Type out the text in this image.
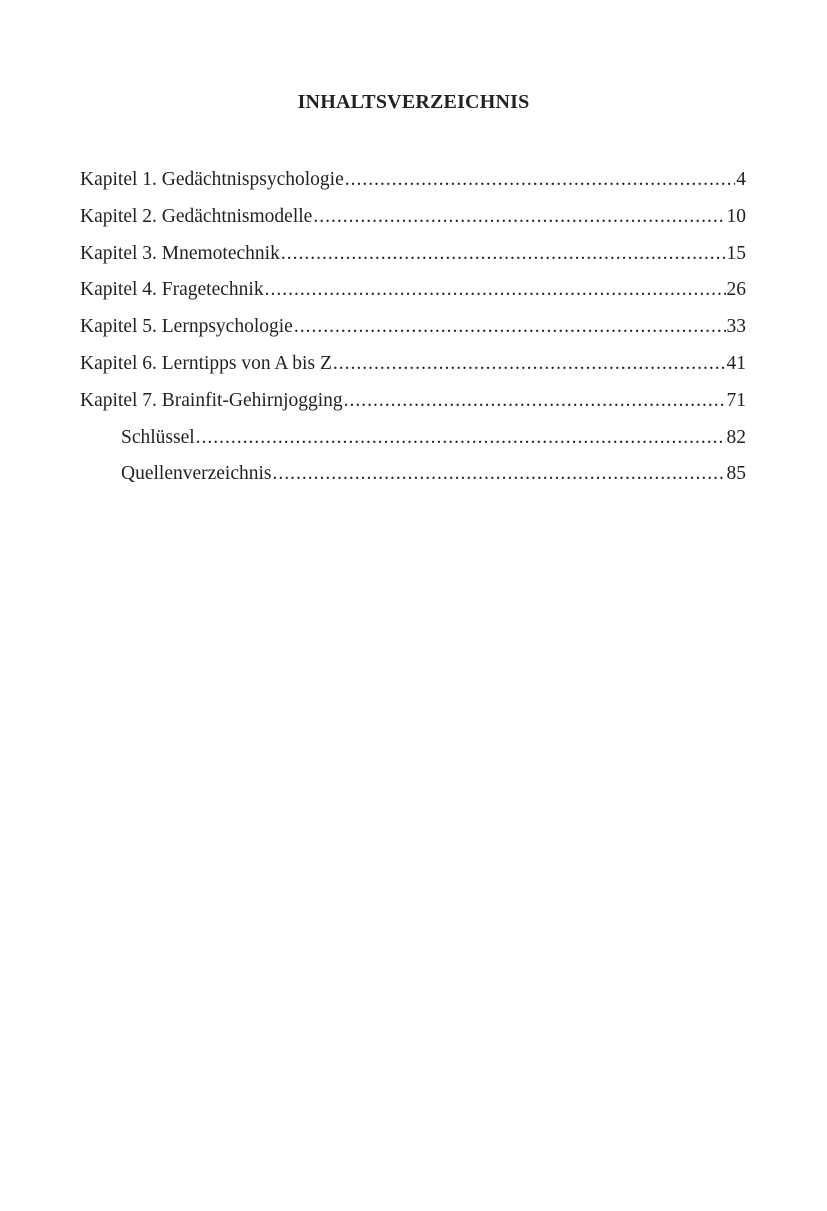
INHALTSVERZEICHNIS
Kapitel 1. Gedächtnispsychologie .....	4
Kapitel 2. Gedächtnismodelle .....	10
Kapitel 3. Mnemotechnik .....	15
Kapitel 4. Fragetechnik .....	26
Kapitel 5. Lernpsychologie .....	33
Kapitel 6. Lerntipps von A bis Z .....	41
Kapitel 7. Brainfit-Gehirnjogging .....	71
Schlüssel .....	82
Quellenverzeichnis .....	85
